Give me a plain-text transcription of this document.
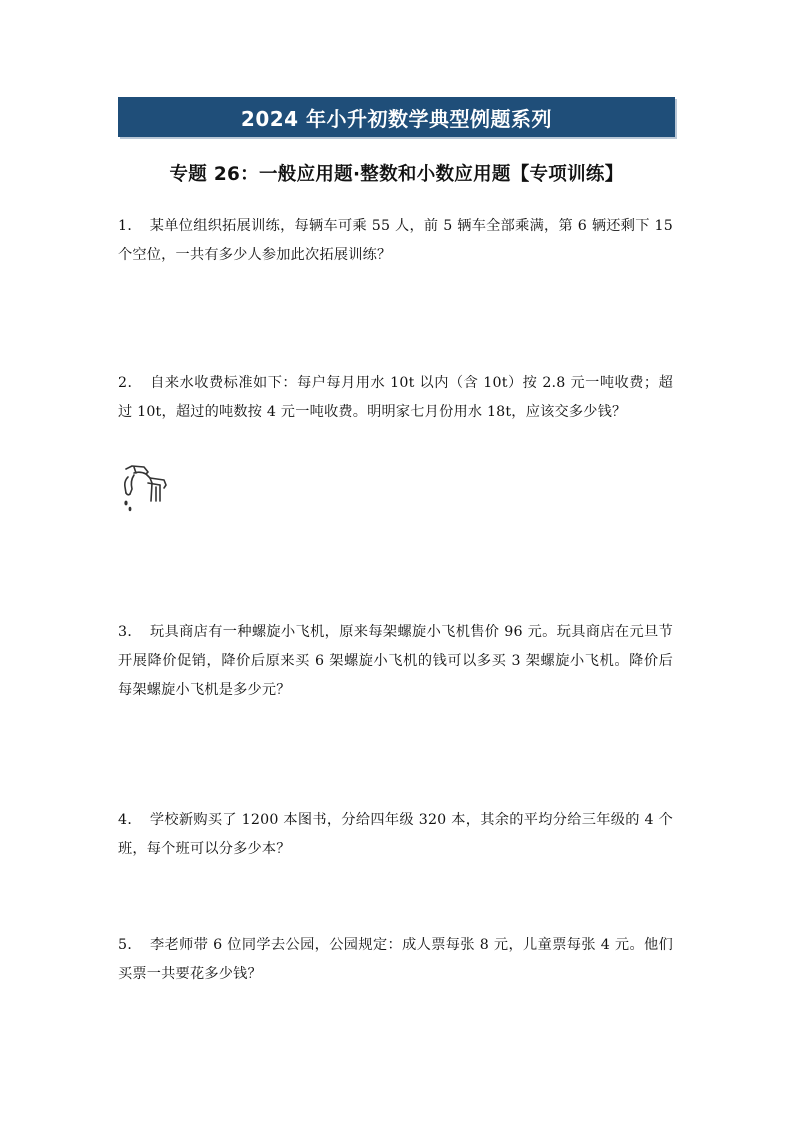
2024 年小升初数学典型例题系列
专题 26：一般应用题·整数和小数应用题【专项训练】
1． 某单位组织拓展训练，每辆车可乘 55 人，前 5 辆车全部乘满，第 6 辆还剩下 15 个空位，一共有多少人参加此次拓展训练？
2． 自来水收费标准如下：每户每月用水 10t 以内（含 10t）按 2.8 元一吨收费；超过 10t，超过的吨数按 4 元一吨收费。明明家七月份用水 18t，应该交多少钱？
3． 玩具商店有一种螺旋小飞机，原来每架螺旋小飞机售价 96 元。玩具商店在元旦节开展降价促销，降价后原来买 6 架螺旋小飞机的钱可以多买 3 架螺旋小飞机。降价后每架螺旋小飞机是多少元？
4． 学校新购买了 1200 本图书，分给四年级 320 本，其余的平均分给三年级的 4 个班，每个班可以分多少本？
5． 李老师带 6 位同学去公园，公园规定：成人票每张 8 元，儿童票每张 4 元。他们买票一共要花多少钱？
